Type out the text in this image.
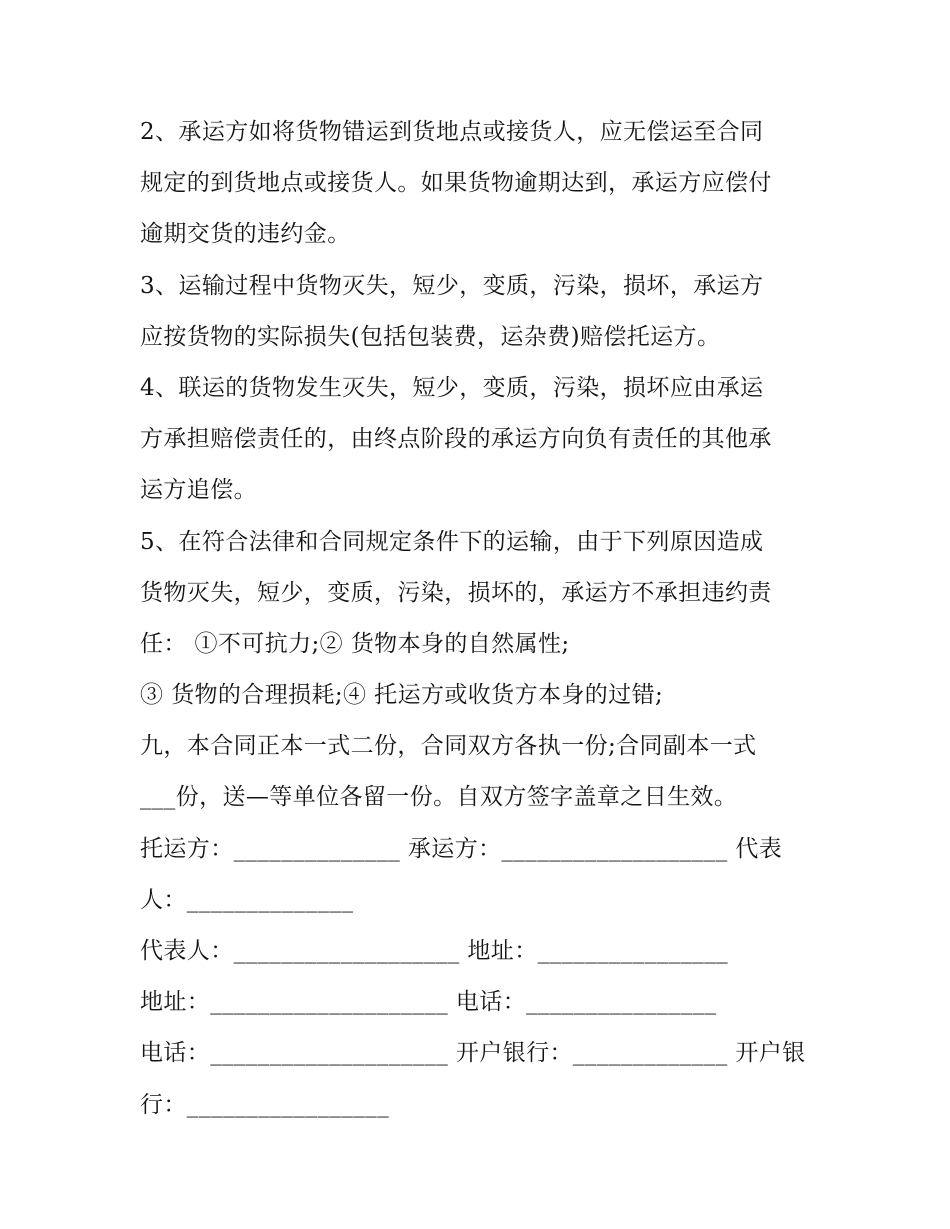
2、承运方如将货物错运到货地点或接货人，应无偿运至合同
规定的到货地点或接货人。如果货物逾期达到，承运方应偿付
逾期交货的违约金。
3、运输过程中货物灭失，短少，变质，污染，损坏，承运方
应按货物的实际损失(包括包装费，运杂费)赔偿托运方。
4、联运的货物发生灭失，短少，变质，污染，损坏应由承运
方承担赔偿责任的，由终点阶段的承运方向负有责任的其他承
运方追偿。
5、在符合法律和合同规定条件下的运输，由于下列原因造成
货物灭失，短少，变质，污染，损坏的，承运方不承担违约责
任： ①不可抗力;② 货物本身的自然属性;
③ 货物的合理损耗;④ 托运方或收货方本身的过错;
九，本合同正本一式二份，合同双方各执一份;合同副本一式
___份，送—等单位各留一份。自双方签字盖章之日生效。
托运方：______________ 承运方：___________________ 代表
人：______________
代表人：___________________ 地址：________________
地址：____________________ 电话：________________
电话：____________________ 开户银行：_____________ 开户银
行：_________________
